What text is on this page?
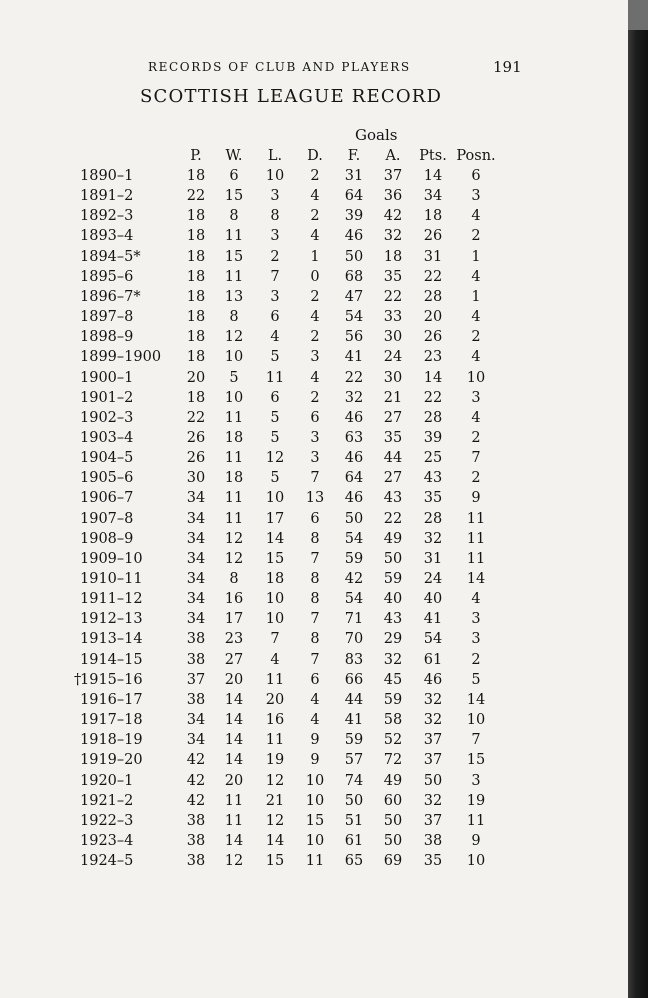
RECORDS OF CLUB AND PLAYERS	191
SCOTTISH LEAGUE RECORD
Goals
P. W. L. D. F. A. Pts. Posn.
1890–1	18 6 10 2 31 37 14 6
1891–2	22 15 3 4 64 36 34 3
1892–3	18 8 8 2 39 42 18 4
1893–4	18 11 3 4 46 32 26 2
1894–5*	18 15 2 1 50 18 31 1
1895–6	18 11 7 0 68 35 22 4
1896–7*	18 13 3 2 47 22 28 1
1897–8	18 8 6 4 54 33 20 4
1898–9	18 12 4 2 56 30 26 2
1899–1900 18 10 5 3 41 24 23 4
1900–1	20 5 11 4 22 30 14 10
1901–2	18 10 6 2 32 21 22 3
1902–3	22 11 5 6 46 27 28 4
1903–4	26 18 5 3 63 35 39 2
1904–5	26 11 12 3 46 44 25 7
1905–6	30 18 5 7 64 27 43 2
1906–7	34 11 10 13 46 43 35 9
1907–8	34 11 17 6 50 22 28 11
1908–9	34 12 14 8 54 49 32 11
1909–10	34 12 15 7 59 50 31 11
1910–11	34 8 18 8 42 59 24 14
1911–12	34 16 10 8 54 40 40 4
1912–13	34 17 10 7 71 43 41 3
1913–14	38 23 7 8 70 29 54 3
1914–15	38 27 4 7 83 32 61 2
†
1915–16	37 20 11 6 66 45 46 5
1916–17	38 14 20 4 44 59 32 14
1917–18	34 14 16 4 41 58 32 10
1918–19	34 14 11 9 59 52 37 7
1919–20	42 14 19 9 57 72 37 15
1920–1	42 20 12 10 74 49 50 3
1921–2	42 11 21 10 50 60 32 19
1922–3	38 11 12 15 51 50 37 11
1923–4	38 14 14 10 61 50 38 9
1924–5	38 12 15 11 65 69 35 10
